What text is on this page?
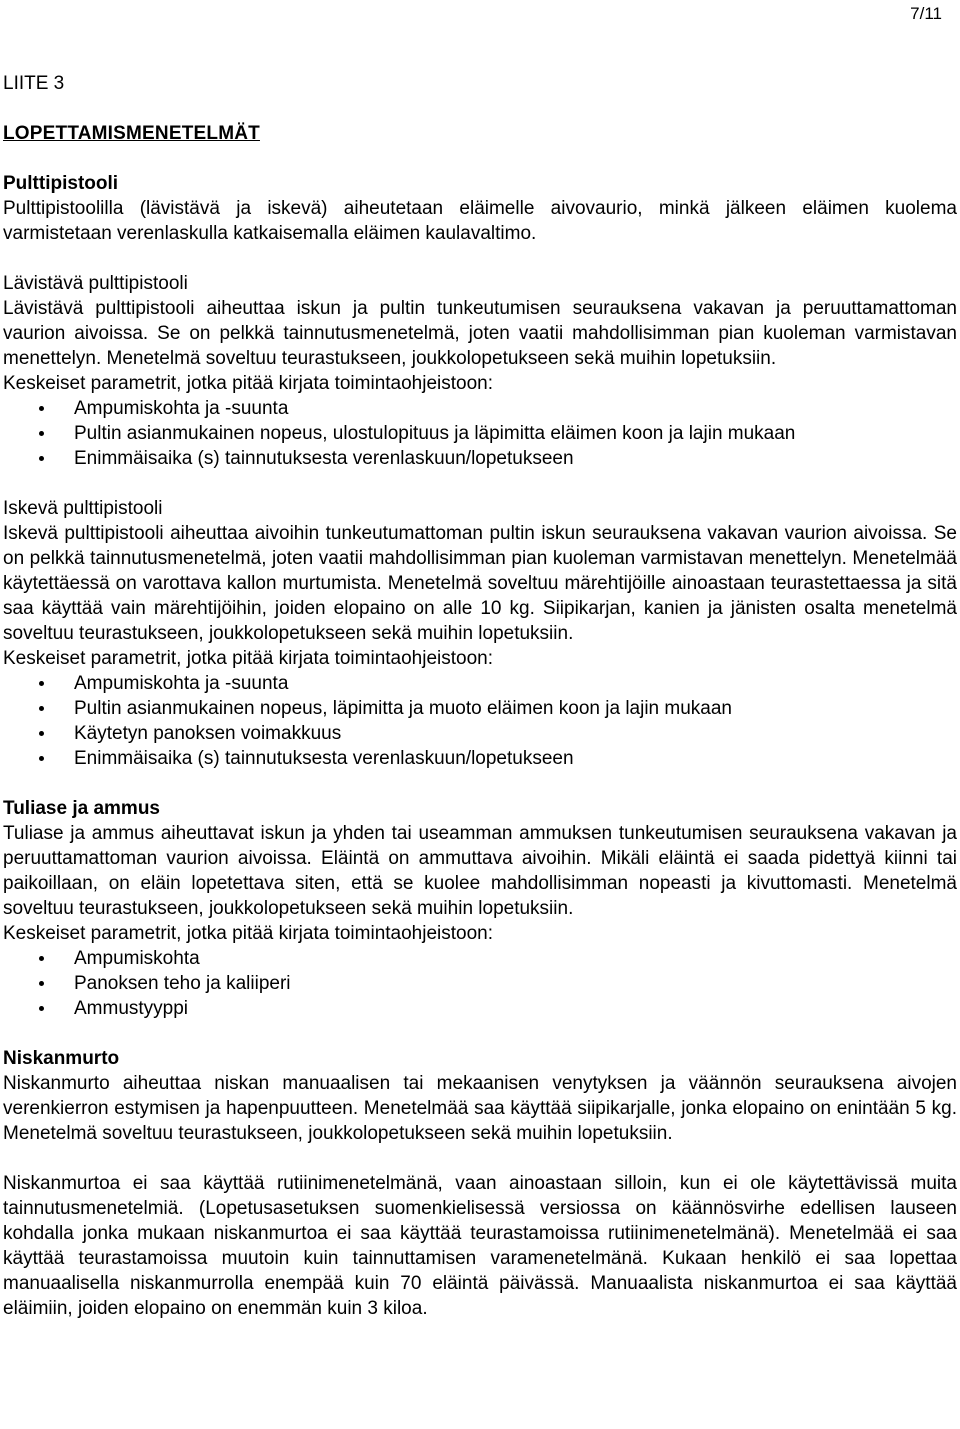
7/11
LIITE 3
LOPETTAMISMENETELMÄT
Pulttipistooli

Pulttipistoolilla (lävistävä ja iskevä) aiheutetaan eläimelle aivovaurio, minkä jälkeen eläimen kuolema varmistetaan verenlaskulla katkaisemalla eläimen kaulavaltimo.

Lävistävä pulttipistooli

Lävistävä pulttipistooli aiheuttaa iskun ja pultin tunkeutumisen seurauksena vakavan ja peruuttamattoman vaurion aivoissa. Se on pelkkä tainnutusmenetelmä, joten vaatii mahdollisimman pian kuoleman varmistavan menettelyn. Menetelmä soveltuu teurastukseen, joukkolopetukseen sekä muihin lopetuksiin.

Keskeiset parametrit, jotka pitää kirjata toimintaohjeistoon:
Ampumiskohta ja -suunta
Pultin asianmukainen nopeus, ulostulopituus ja läpimitta eläimen koon ja lajin mukaan
Enimmäisaika (s) tainnutuksesta verenlaskuun/lopetukseen
Iskevä pulttipistooli

Iskevä pulttipistooli aiheuttaa aivoihin tunkeutumattoman pultin iskun seurauksena vakavan vaurion aivoissa. Se on pelkkä tainnutusmenetelmä, joten vaatii mahdollisimman pian kuoleman varmistavan menettelyn. Menetelmää käytettäessä on varottava kallon murtumista. Menetelmä soveltuu märehtijöille ainoastaan teurastettaessa ja sitä saa käyttää vain märehtijöihin, joiden elopaino on alle 10 kg. Siipikarjan, kanien ja jänisten osalta menetelmä soveltuu teurastukseen, joukkolopetukseen sekä muihin lopetuksiin.

Keskeiset parametrit, jotka pitää kirjata toimintaohjeistoon:
Ampumiskohta ja -suunta
Pultin asianmukainen nopeus, läpimitta ja muoto eläimen koon ja lajin mukaan
Käytetyn panoksen voimakkuus
Enimmäisaika (s) tainnutuksesta verenlaskuun/lopetukseen
Tuliase ja ammus

Tuliase ja ammus aiheuttavat iskun ja yhden tai useamman ammuksen tunkeutumisen seurauksena vakavan ja peruuttamattoman vaurion aivoissa. Eläintä on ammuttava aivoihin. Mikäli eläintä ei saada pidettyä kiinni tai paikoillaan, on eläin lopetettava siten, että se kuolee mahdollisimman nopeasti ja kivuttomasti. Menetelmä soveltuu teurastukseen, joukkolopetukseen sekä muihin lopetuksiin.

Keskeiset parametrit, jotka pitää kirjata toimintaohjeistoon:
Ampumiskohta
Panoksen teho ja kaliiperi
Ammustyyppi
Niskanmurto

Niskanmurto aiheuttaa niskan manuaalisen tai mekaanisen venytyksen ja väännön seurauksena aivojen verenkierron estymisen ja hapenpuutteen. Menetelmää saa käyttää siipikarjalle, jonka elopaino on enintään 5 kg. Menetelmä soveltuu teurastukseen, joukkolopetukseen sekä muihin lopetuksiin.

Niskanmurtoa ei saa käyttää rutiinimenetelmänä, vaan ainoastaan silloin, kun ei ole käytettävissä muita tainnutusmenetelmiä. (Lopetusasetuksen suomenkielisessä versiossa on käännösvirhe edellisen lauseen kohdalla jonka mukaan niskanmurtoa ei saa käyttää teurastamoissa rutiinimenetelmänä). Menetelmää ei saa käyttää teurastamoissa muutoin kuin tainnuttamisen varamenetelmänä. Kukaan henkilö ei saa lopettaa manuaalisella niskanmurrolla enempää kuin 70 eläintä päivässä. Manuaalista niskanmurtoa ei saa käyttää eläimiin, joiden elopaino on enemmän kuin 3 kiloa.
